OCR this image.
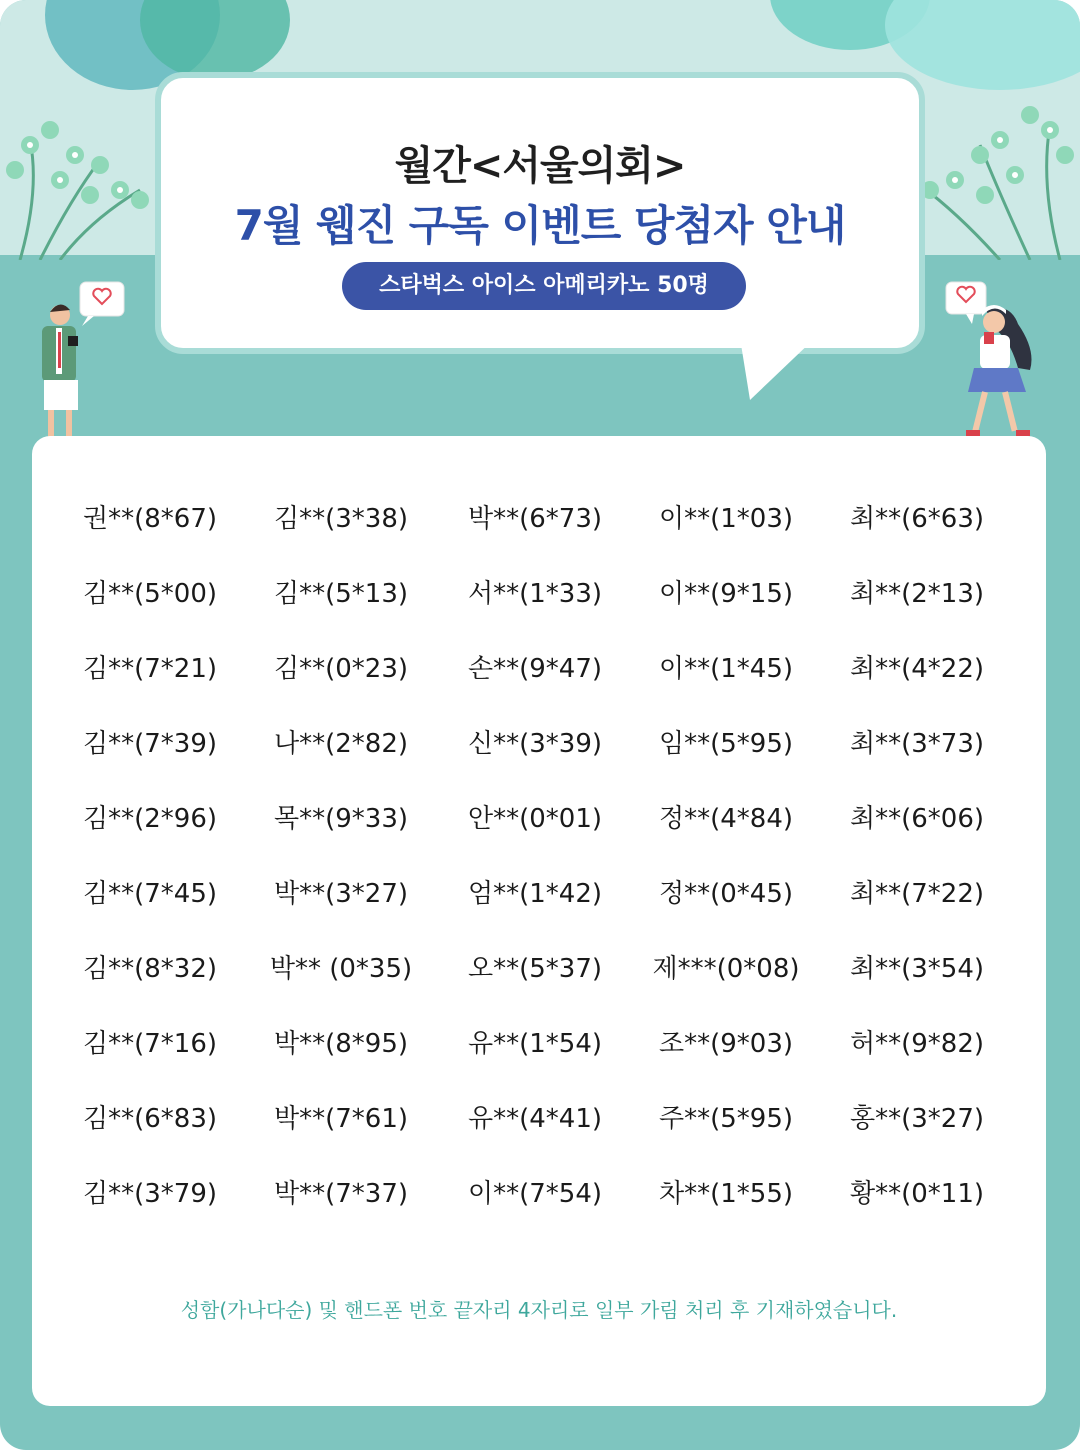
월간<서울의회>
7월 웹진 구독 이벤트 당첨자 안내
스타벅스 아이스 아메리카노 50명
권**(8*67)	김**(3*38)	박**(6*73)	이**(1*03)	최**(6*63)
김**(5*00)	김**(5*13)	서**(1*33)	이**(9*15)	최**(2*13)
김**(7*21)	김**(0*23)	손**(9*47)	이**(1*45)	최**(4*22)
김**(7*39)	나**(2*82)	신**(3*39)	임**(5*95)	최**(3*73)
김**(2*96)	목**(9*33)	안**(0*01)	정**(4*84)	최**(6*06)
김**(7*45)	박**(3*27)	엄**(1*42)	정**(0*45)	최**(7*22)
김**(8*32)	박** (0*35)	오**(5*37)	제***(0*08)	최**(3*54)
김**(7*16)	박**(8*95)	유**(1*54)	조**(9*03)	허**(9*82)
김**(6*83)	박**(7*61)	유**(4*41)	주**(5*95)	홍**(3*27)
김**(3*79)	박**(7*37)	이**(7*54)	차**(1*55)	황**(0*11)
성함(가나다순) 및 핸드폰 번호 끝자리 4자리로 일부 가림 처리 후 기재하였습니다.
